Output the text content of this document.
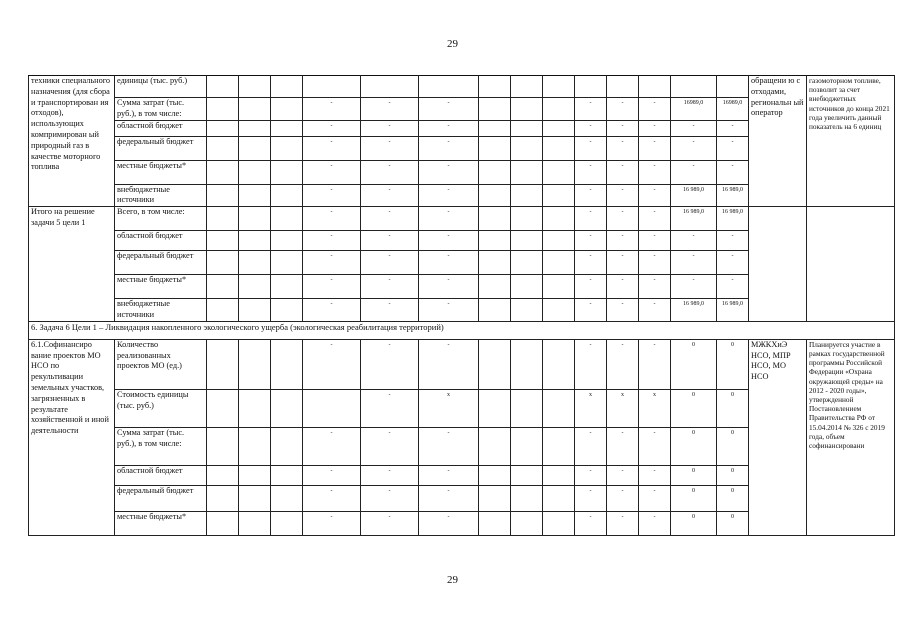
29
техники специального назначения (для сбора и транспортирован ия отходов), использующих компримирован ый природный газ в качестве моторного топлива	единицы (тыс. руб.)															обращени ю с отходами, региональн ый оператор	газомоторном топливе, позволит за счет внебюджетных источников до конца 2021 года увеличить данный показатель на 6 единиц
	Сумма затрат (тыс. руб.), в том числе:				-	-	-				-	-	-	16989,0	16989,0		
	областной бюджет				-	-	-				-	-	-	-	-		
	федеральный бюджет				-	-	-				-	-	-	-	-		
	местные бюджеты*				-	-	-				-	-	-	-	-		
	внебюджетные источники				-	-	-				-	-	-	16 989,0	16 989,0		
Итого на решение задачи 5 цели 1	Всего, в том числе:				-	-	-				-	-	-	16 989,0	16 989,0		
	областной бюджет				-	-	-				-	-	-	-	-		
	федеральный бюджет				-	-	-				-	-	-	-	-		
	местные бюджеты*				-	-	-				-	-	-	-	-		
	внебюджетные источники				-	-	-				-	-	-	16 989,0	16 989,0		
6. Задача 6 Цели 1 – Ликвидация накопленного экологического ущерба (экологическая реабилитация территорий)																	
6.1.Софинансиро вание проектов МО НСО по рекультивации земельных участков, загрязненных в результате хозяйственной и иной деятельности	Количество реализованных проектов МО (ед.)				-	-	-				-	-	-	0	0	МЖКХиЭ НСО, МПР НСО, МО НСО	Планируется участие в рамках государственной программы Российской Федерации «Охрана окружающей среды» на 2012 - 2020 годы», утвержденной Постановлением Правительства РФ от 15.04.2014 № 326 с 2019 года, объем софинансировани
	Стоимость единицы (тыс. руб.)					-	x				x	x	x	0	0		
	Сумма затрат (тыс. руб.), в том числе:				-	-	-				-	-	-	0	0		
	областной бюджет				-	-	-				-	-	-	0	0		
	федеральный бюджет				-	-	-				-	-	-	0	0		
	местные бюджеты*				-	-	-				-	-	-	0	0		
29
